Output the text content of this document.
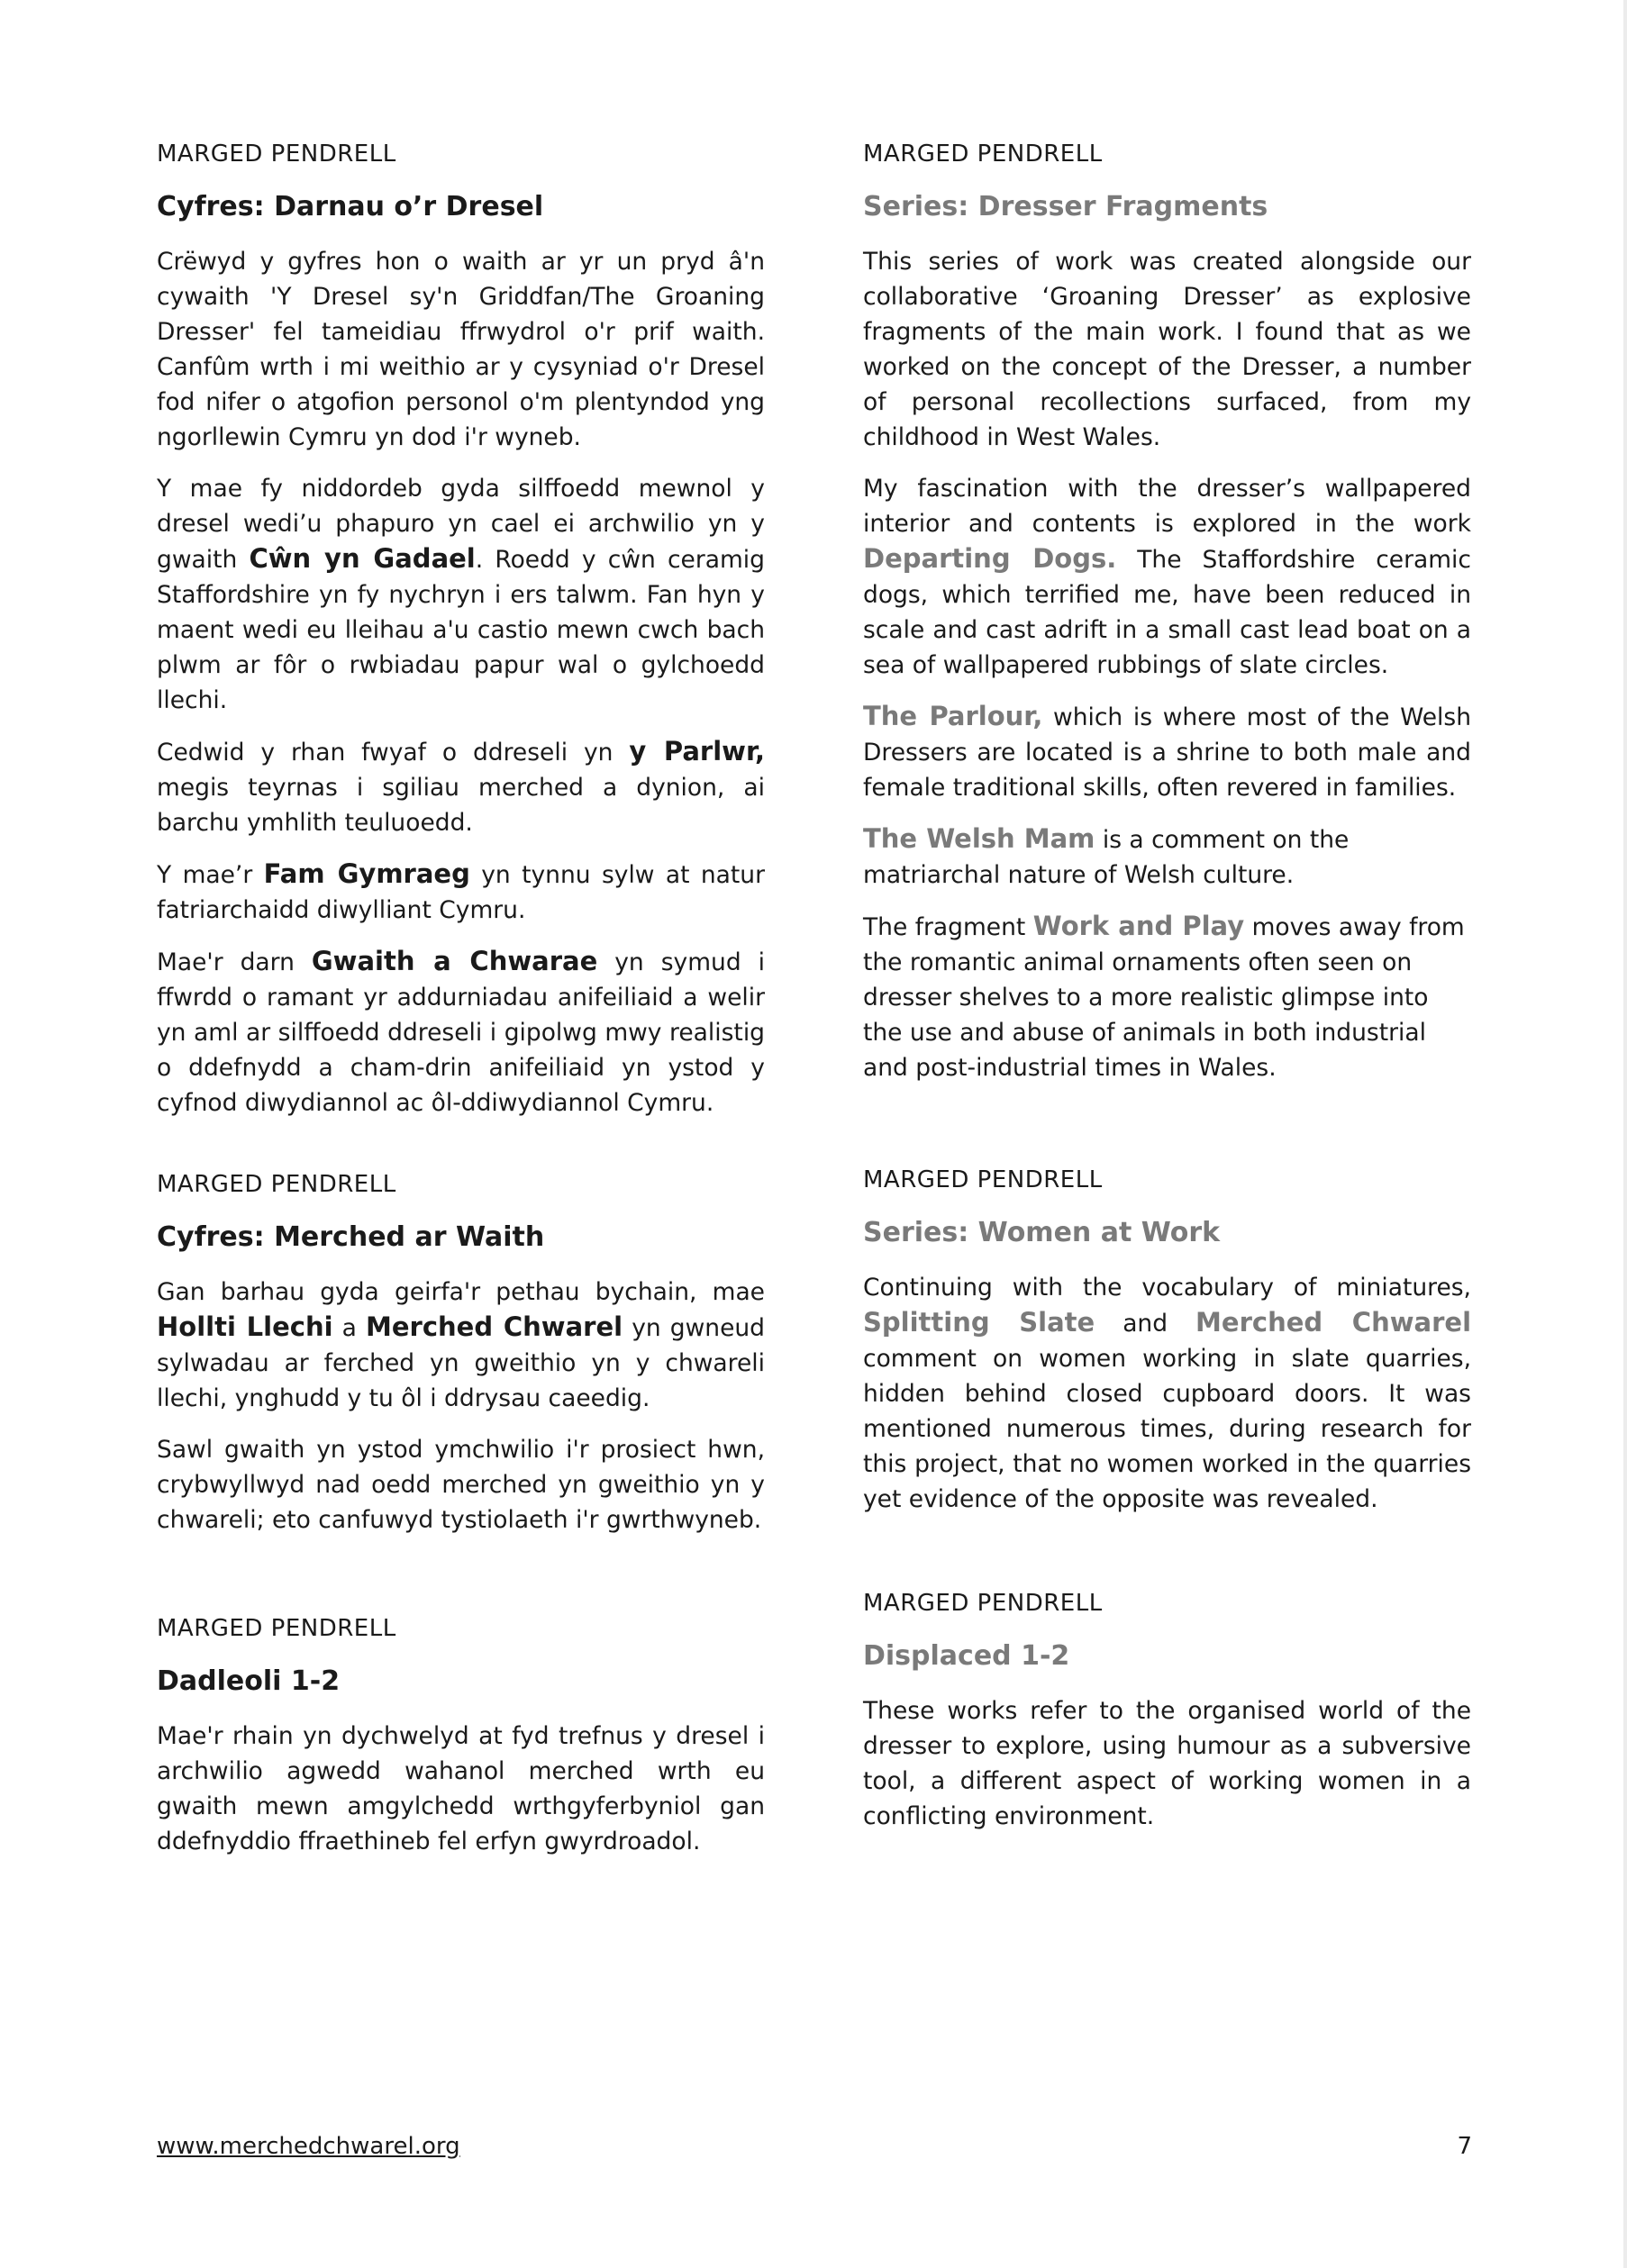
MARGED PENDRELL
Cyfres: Darnau o’r Dresel

Crëwyd y gyfres hon o waith ar yr un pryd â'n cywaith 'Y Dresel sy'n Griddfan/The Groaning Dresser' fel tameidiau ffrwydrol o'r prif waith. Canfûm wrth i mi weithio ar y cysyniad o'r Dresel fod nifer o atgofion personol o'm plentyndod yng ngorllewin Cymru yn dod i'r wyneb.

Y mae fy niddordeb gyda silffoedd mewnol y dresel wedi’u phapuro yn cael ei archwilio yn y gwaith Cŵn yn Gadael. Roedd y cŵn ceramig Staffordshire yn fy nychryn i ers talwm. Fan hyn y maent wedi eu lleihau a'u castio mewn cwch bach plwm ar fôr o rwbiadau papur wal o gylchoedd llechi.

Cedwid y rhan fwyaf o ddreseli yn y Parlwr, megis teyrnas i sgiliau merched a dynion, ai barchu ymhlith teuluoedd.

Y mae’r Fam Gymraeg yn tynnu sylw at natur fatriarchaidd diwylliant Cymru.

Mae'r darn Gwaith a Chwarae yn symud i ffwrdd o ramant yr addurniadau anifeiliaid a welir yn aml ar silffoedd ddreseli i gipolwg mwy realistig o ddefnydd a cham-drin anifeiliaid yn ystod y cyfnod diwydiannol ac ôl-ddiwydiannol Cymru.

MARGED PENDRELL
Cyfres: Merched ar Waith

Gan barhau gyda geirfa'r pethau bychain, mae Hollti Llechi a Merched Chwarel yn gwneud sylwadau ar ferched yn gweithio yn y chwareli llechi, ynghudd y tu ôl i ddrysau caeedig.

Sawl gwaith yn ystod ymchwilio i'r prosiect hwn, crybwyllwyd nad oedd merched yn gweithio yn y chwareli; eto canfuwyd tystiolaeth i'r gwrthwyneb.

MARGED PENDRELL
Dadleoli 1-2

Mae'r rhain yn dychwelyd at fyd trefnus y dresel i archwilio agwedd wahanol merched wrth eu gwaith mewn amgylchedd wrthgyferbyniol gan ddefnyddio ffraethineb fel erfyn gwyrdroadol.

MARGED PENDRELL
Series: Dresser Fragments

This series of work was created alongside our collaborative ‘Groaning Dresser’ as explosive fragments of the main work. I found that as we worked on the concept of the Dresser, a number of personal recollections surfaced, from my childhood in West Wales.

My fascination with the dresser’s wallpapered interior and contents is explored in the work Departing Dogs. The Staffordshire ceramic dogs, which terrified me, have been reduced in scale and cast adrift in a small cast lead boat on a sea of wallpapered rubbings of slate circles.

The Parlour, which is where most of the Welsh Dressers are located is a shrine to both male and female traditional skills, often revered in families.

The Welsh Mam is a comment on the matriarchal nature of Welsh culture.

The fragment Work and Play moves away from the romantic animal ornaments often seen on dresser shelves to a more realistic glimpse into the use and abuse of animals in both industrial and post-industrial times in Wales.

MARGED PENDRELL
Series: Women at Work

Continuing with the vocabulary of miniatures, Splitting Slate and Merched Chwarel comment on women working in slate quarries, hidden behind closed cupboard doors. It was mentioned numerous times, during research for this project, that no women worked in the quarries yet evidence of the opposite was revealed.

MARGED PENDRELL
Displaced 1-2

These works refer to the organised world of the dresser to explore, using humour as a subversive tool, a different aspect of working women in a conflicting environment.

www.merchedchwarel.org	7
